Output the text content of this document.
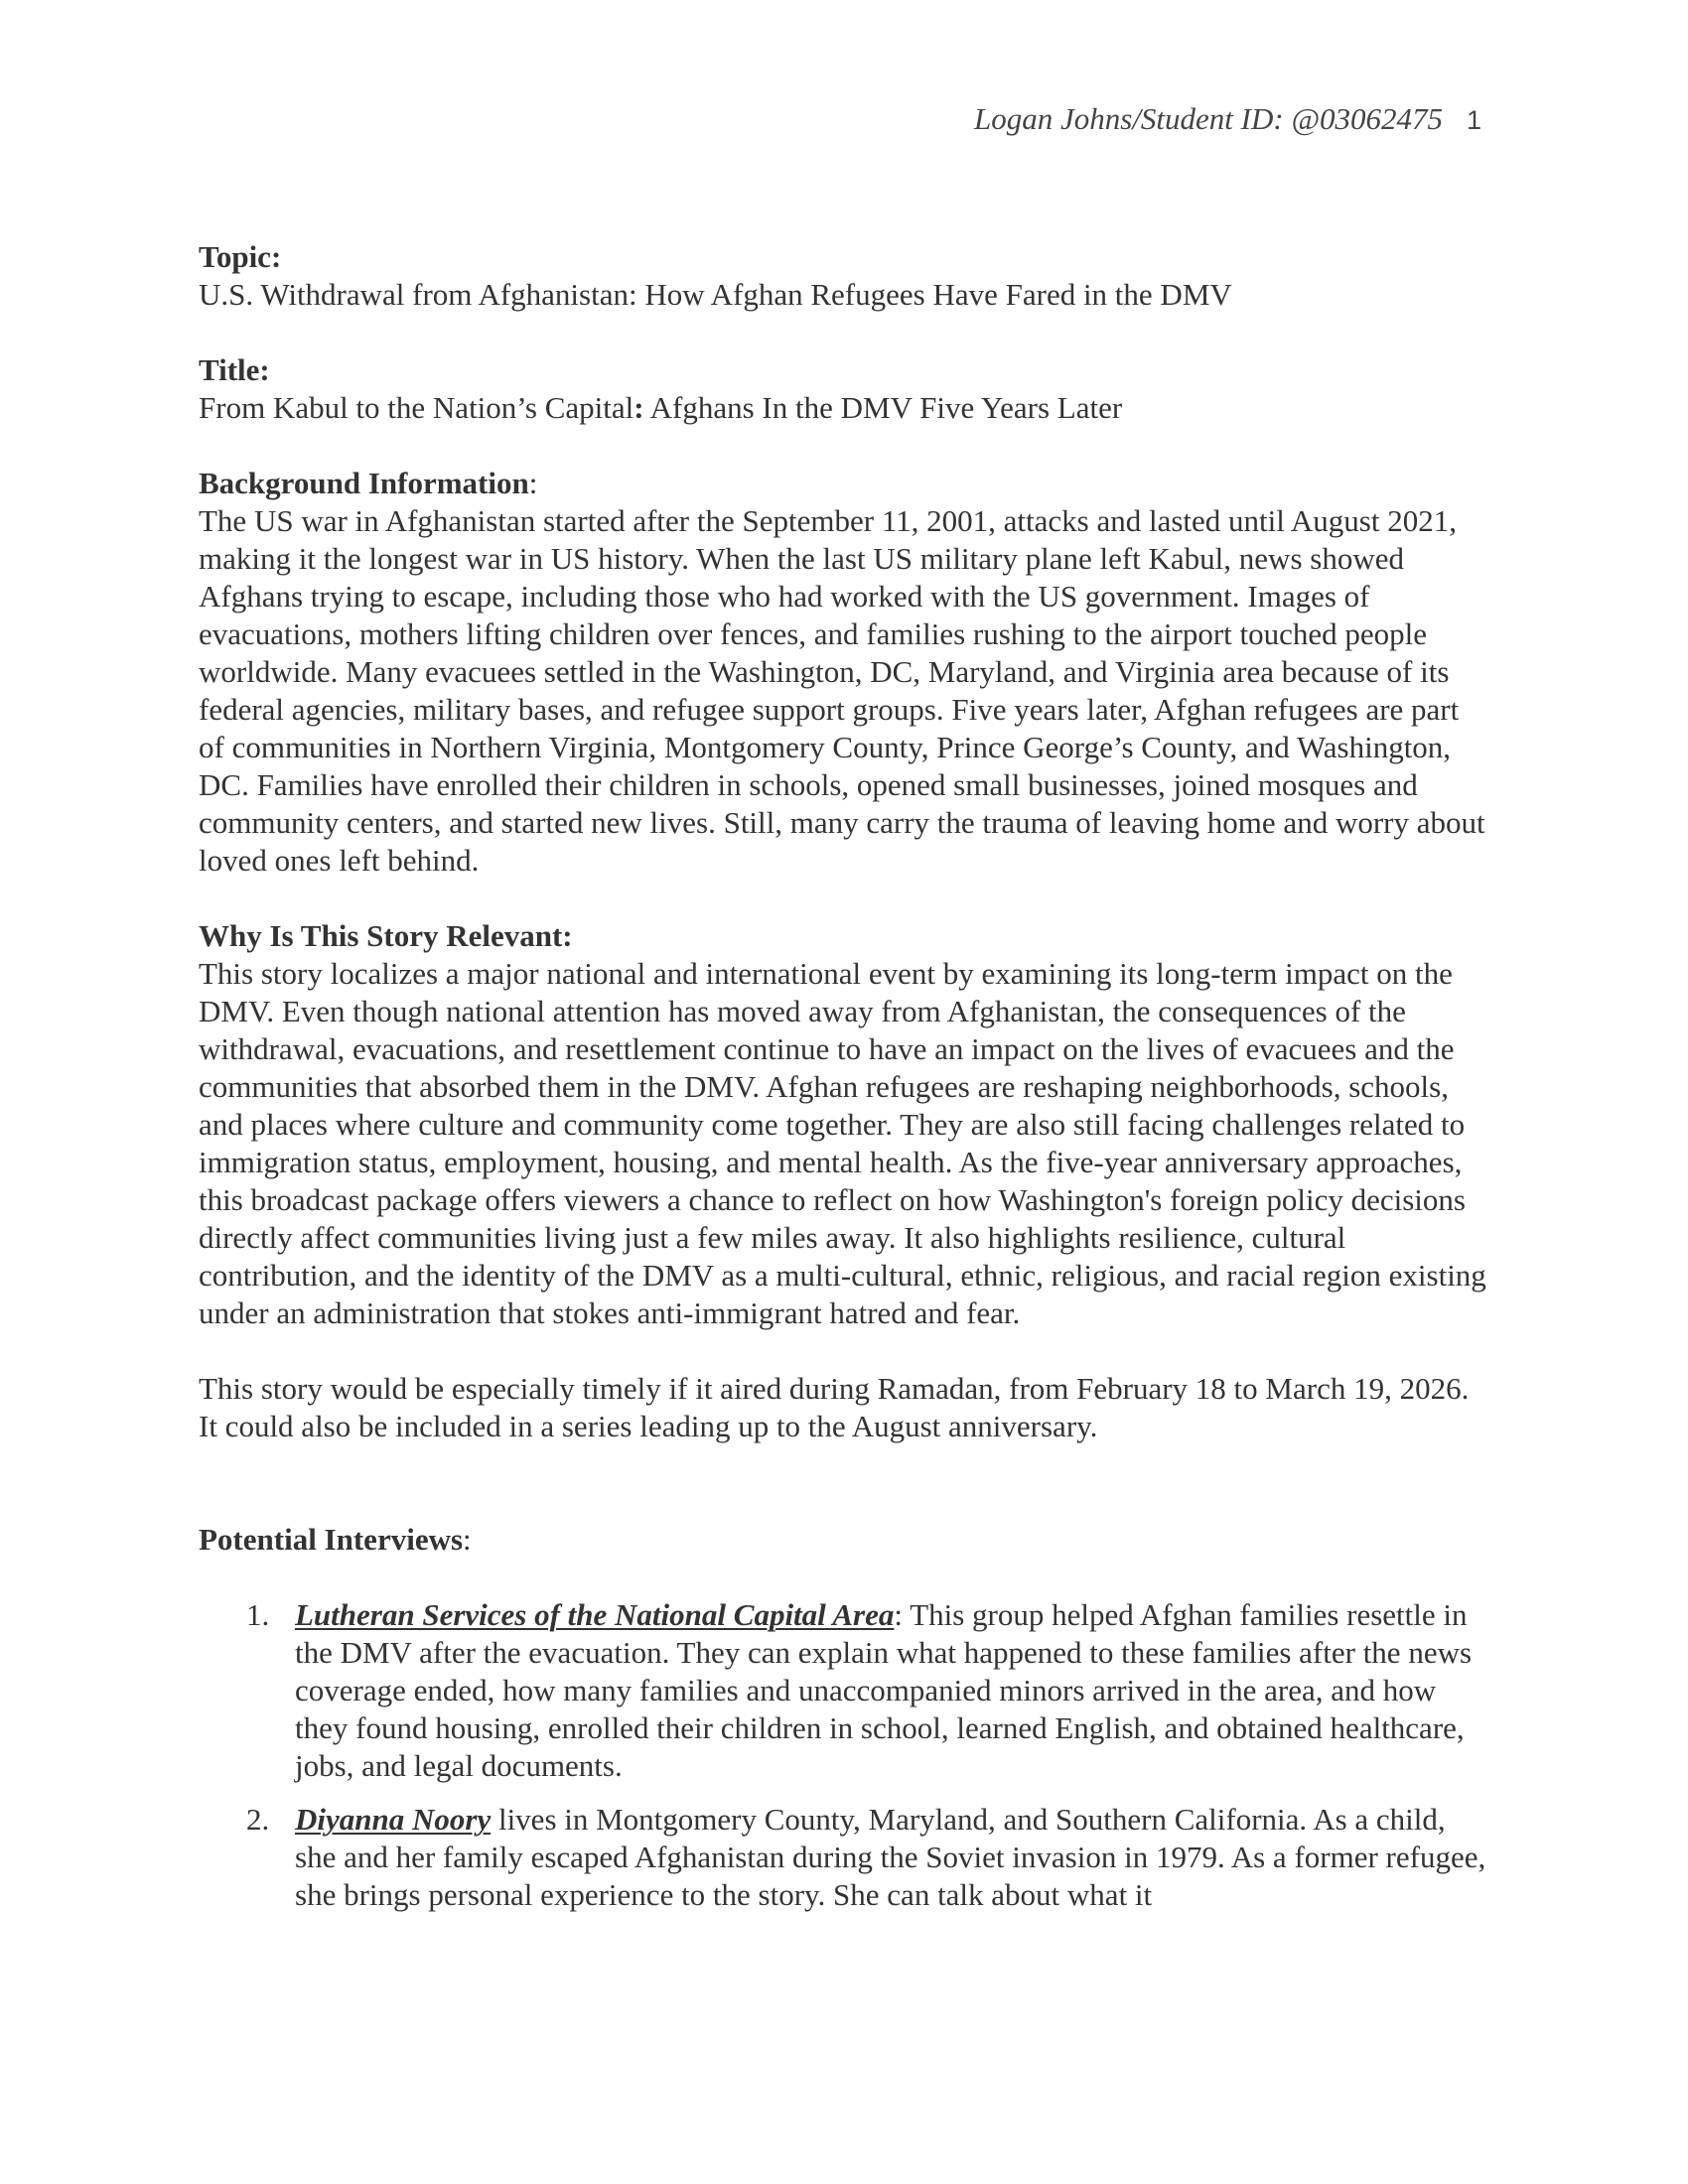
Logan Johns/Student ID: @03062475 1

Topic:

U.S. Withdrawal from Afghanistan: How Afghan Refugees Have Fared in the DMV

Title:

From Kabul to the Nation’s Capital: Afghans In the DMV Five Years Later

Background Information:

The US war in Afghanistan started after the September 11, 2001, attacks and lasted until August 2021, making it the longest war in US history. When the last US military plane left Kabul, news showed Afghans trying to escape, including those who had worked with the US government. Images of evacuations, mothers lifting children over fences, and families rushing to the airport touched people worldwide. Many evacuees settled in the Washington, DC, Maryland, and Virginia area because of its federal agencies, military bases, and refugee support groups. Five years later, Afghan refugees are part of communities in Northern Virginia, Montgomery County, Prince George’s County, and Washington, DC. Families have enrolled their children in schools, opened small businesses, joined mosques and community centers, and started new lives. Still, many carry the trauma of leaving home and worry about loved ones left behind.

Why Is This Story Relevant:

This story localizes a major national and international event by examining its long-term impact on the DMV. Even though national attention has moved away from Afghanistan, the consequences of the withdrawal, evacuations, and resettlement continue to have an impact on the lives of evacuees and the communities that absorbed them in the DMV. Afghan refugees are reshaping neighborhoods, schools, and places where culture and community come together. They are also still facing challenges related to immigration status, employment, housing, and mental health. As the five-year anniversary approaches, this broadcast package offers viewers a chance to reflect on how Washington's foreign policy decisions directly affect communities living just a few miles away. It also highlights resilience, cultural contribution, and the identity of the DMV as a multi-cultural, ethnic, religious, and racial region existing under an administration that stokes anti-immigrant hatred and fear.

This story would be especially timely if it aired during Ramadan, from February 18 to March 19, 2026. It could also be included in a series leading up to the August anniversary.

Potential Interviews:

1. Lutheran Services of the National Capital Area: This group helped Afghan families resettle in the DMV after the evacuation. They can explain what happened to these families after the news coverage ended, how many families and unaccompanied minors arrived in the area, and how they found housing, enrolled their children in school, learned English, and obtained healthcare, jobs, and legal documents.
2. Diyanna Noory lives in Montgomery County, Maryland, and Southern California. As a child, she and her family escaped Afghanistan during the Soviet invasion in 1979. As a former refugee, she brings personal experience to the story. She can talk about what it
